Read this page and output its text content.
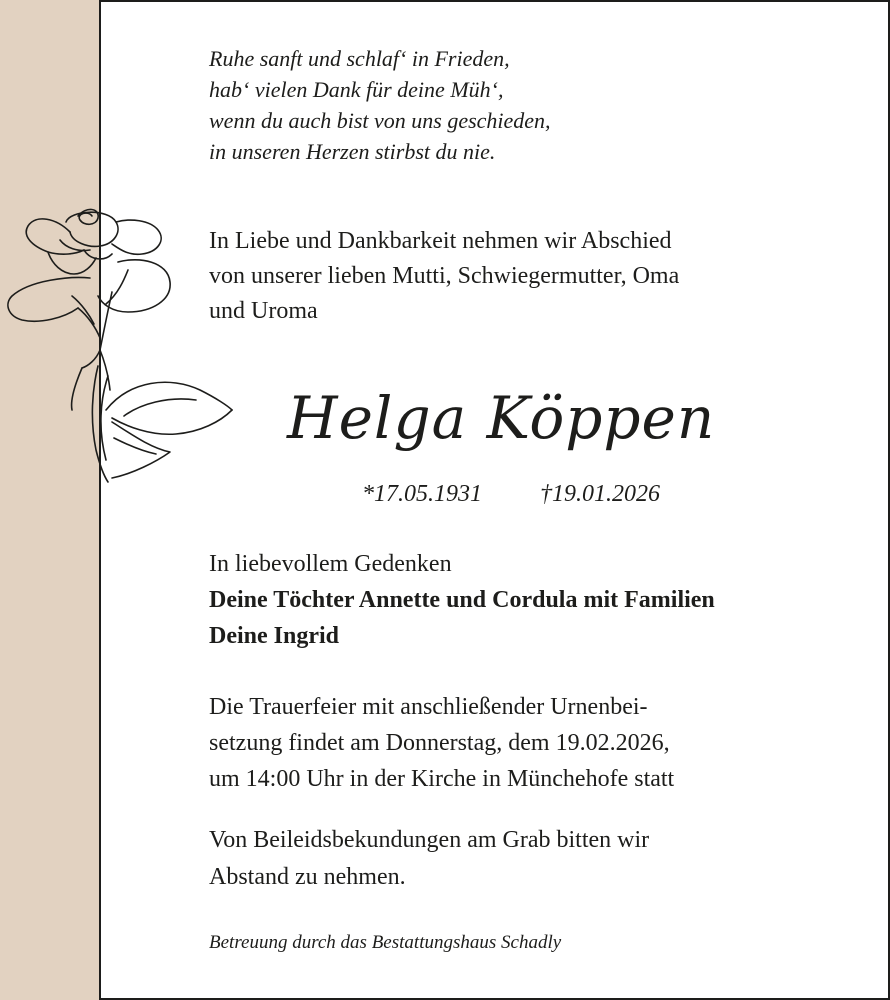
Ruhe sanft und schlaf‘ in Frieden,
hab‘ vielen Dank für deine Müh‘,
wenn du auch bist von uns geschieden,
in unseren Herzen stirbst du nie.
In Liebe und Dankbarkeit nehmen wir Abschied
von unserer lieben Mutti, Schwiegermutter, Oma
und Uroma
Helga Köppen
*17.05.1931 †19.01.2026
In liebevollem Gedenken
Deine Töchter Annette und Cordula mit Familien
Deine Ingrid
Die Trauerfeier mit anschließender Urnenbei-
setzung findet am Donnerstag, dem 19.02.2026,
um 14:00 Uhr in der Kirche in Münchehofe statt
Von Beileidsbekundungen am Grab bitten wir
Abstand zu nehmen.
Betreuung durch das Bestattungshaus Schadly
